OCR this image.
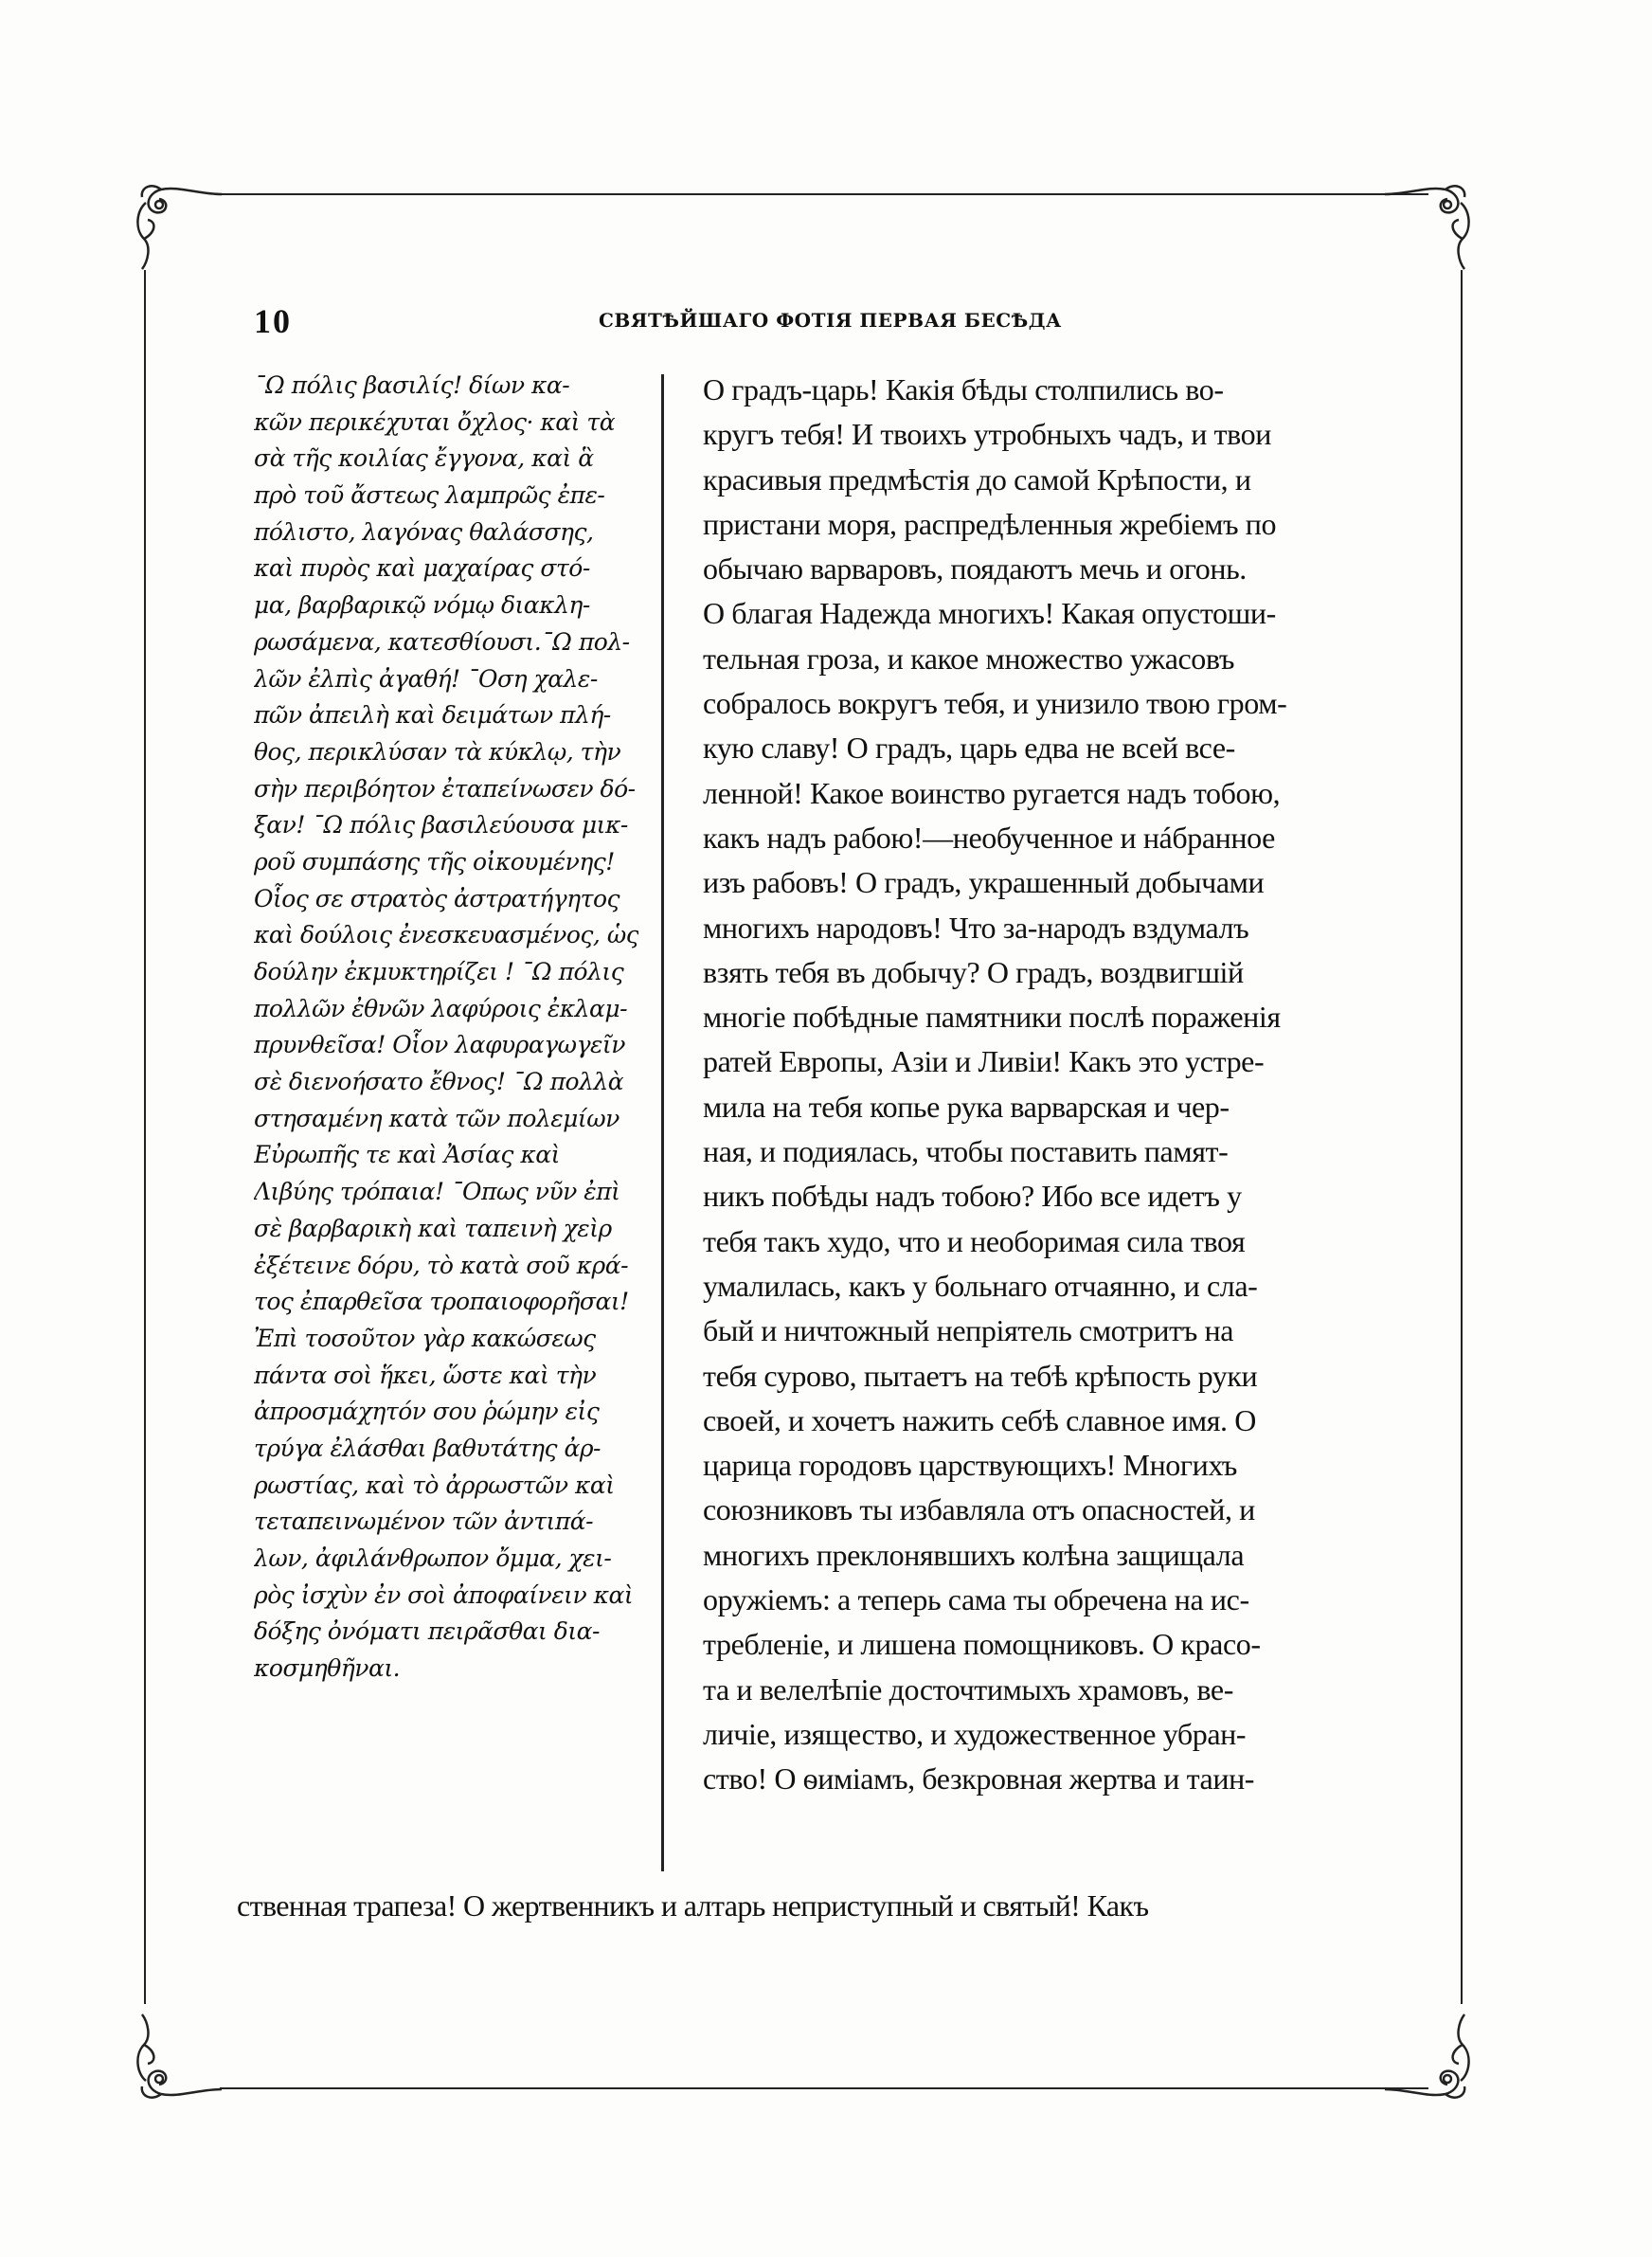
10	СВЯТѢЙШАГО ФОТІЯ ПЕРВАЯ БЕСѢДА
ˉΩ πόλις βασιλίς! δίων κα-
κῶν περικέχυται ὄχλος· καὶ τὰ
σὰ τῆς κοιλίας ἔγγονα, καὶ ἃ
πρὸ τοῦ ἄστεως λαμπρῶς ἐπε-
πόλιστο, λαγόνας θαλάσσης,
καὶ πυρὸς καὶ μαχαίρας στό-
μα, βαρβαρικῷ νόμῳ διακλη-
ρωσάμενα, κατεσθίουσι.ˉΩ πολ-
λῶν ἐλπὶς ἀγαθή! ˉΟση χαλε-
πῶν ἀπειλὴ καὶ δειμάτων πλή-
θος, περικλύσαν τὰ κύκλῳ, τὴν
σὴν περιβόητον ἐταπείνωσεν δό-
ξαν! ˉΩ πόλις βασιλεύουσα μικ-
ροῦ συμπάσης τῆς οἰκουμένης!
Οἷος σε στρατὸς ἀστρατήγητος
καὶ δούλοις ἐνεσκευασμένος, ὡς
δούλην ἐκμυκτηρίζει ! ˉΩ πόλις
πολλῶν ἐθνῶν λαφύροις ἐκλαμ-
πρυνθεῖσα! Οἷον λαφυραγωγεῖν
σὲ διενοήσατο ἔθνος! ˉΩ πολλὰ
στησαμένη κατὰ τῶν πολεμίων
Εὐρωπῆς τε καὶ Ἀσίας καὶ
Λιβύης τρόπαια! ˉΟπως νῦν ἐπὶ
σὲ βαρβαρικὴ καὶ ταπεινὴ χεὶρ
ἐξέτεινε δόρυ, τὸ κατὰ σοῦ κρά-
τος ἐπαρθεῖσα τροπαιοφορῆσαι!
Ἐπὶ τοσοῦτον γὰρ κακώσεως
πάντα σοὶ ἥκει, ὥστε καὶ τὴν
ἀπροσμάχητόν σου ῥώμην εἰς
τρύγα ἐλάσθαι βαθυτάτης ἀρ-
ρωστίας, καὶ τὸ ἀρρωστῶν καὶ
τεταπεινωμένον τῶν ἀντιπά-
λων, ἀφιλάνθρωπον ὄμμα, χει-
ρὸς ἰσχὺν ἐν σοὶ ἀποφαίνειν καὶ
δόξης ὀνόματι πειρᾶσθαι δια-
κοσμηθῆναι.
О градъ-царь! Какія бѣды столпились во-
кругъ тебя! И твоихъ утробныхъ чадъ, и твои
красивыя предмѣстія до самой Крѣпости, и
пристани моря, распредѣленныя жребіемъ по
обычаю варваровъ, поядаютъ мечь и огонь.
О благая Надежда многихъ! Какая опустоши-
тельная гроза, и какое множество ужасовъ
собралось вокругъ тебя, и унизило твою гром-
кую славу! О градъ, царь едва не всей все-
ленной! Какое воинство ругается надъ тобою,
какъ надъ рабою!—необученное и нáбранное
изъ рабовъ! О градъ, украшенный добычами
многихъ народовъ! Что за-народъ вздумалъ
взять тебя въ добычу? О градъ, воздвигшій
многіе побѣдные памятники послѣ пораженія
ратей Европы, Азіи и Ливіи! Какъ это устре-
мила на тебя копье рука варварская и чер-
ная, и подиялась, чтобы поставить памят-
никъ побѣды надъ тобою? Ибо все идетъ у
тебя такъ худо, что и необоримая сила твоя
умалилась, какъ у больнаго отчаянно, и сла-
бый и ничтожный непріятель смотритъ на
тебя сурово, пытаетъ на тебѣ крѣпость руки
своей, и хочетъ нажить себѣ славное имя. О
царица городовъ царствующихъ! Многихъ
союзниковъ ты избавляла отъ опасностей, и
многихъ преклонявшихъ колѣна защищала
оружіемъ: а теперь сама ты обречена на ис-
требленіе, и лишена помощниковъ. О красо-
та и велелѣпіе досточтимыхъ храмовъ, ве-
личіе, изящество, и художественное убран-
ство! О ѳиміамъ, безкровная жертва и таин-
ственная трапеза! О жертвенникъ и алтарь неприступный и святый! Какъ
